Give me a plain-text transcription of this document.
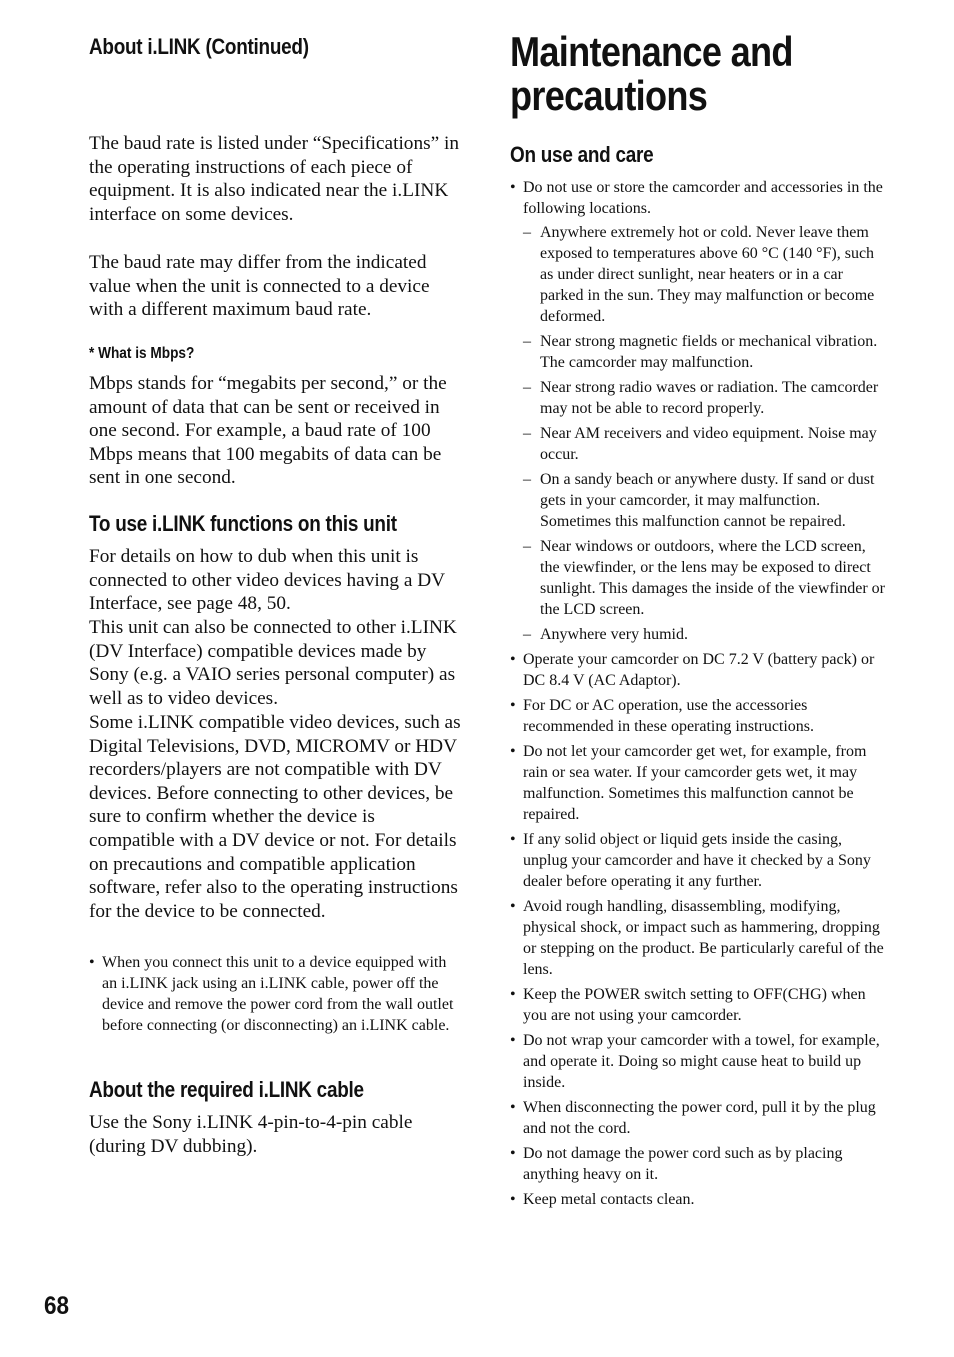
About i.LINK (Continued)

The baud rate is listed under “Specifications” in the operating instructions of each piece of equipment. It is also indicated near the i.LINK interface on some devices.

The baud rate may differ from the indicated value when the unit is connected to a device with a different maximum baud rate.

* What is Mbps?

Mbps stands for “megabits per second,” or the amount of data that can be sent or received in one second. For example, a baud rate of 100 Mbps means that 100 megabits of data can be sent in one second.

To use i.LINK functions on this unit

For details on how to dub when this unit is connected to other video devices having a DV Interface, see page 48, 50.

This unit can also be connected to other i.LINK (DV Interface) compatible devices made by Sony (e.g. a VAIO series personal computer) as well as to video devices.

Some i.LINK compatible video devices, such as Digital Televisions, DVD, MICROMV or HDV recorders/players are not compatible with DV devices. Before connecting to other devices, be sure to confirm whether the device is compatible with a DV device or not. For details on precautions and compatible application software, refer also to the operating instructions for the device to be connected.

• When you connect this unit to a device equipped with an i.LINK jack using an i.LINK cable, power off the device and remove the power cord from the wall outlet before connecting (or disconnecting) an i.LINK cable.
About the required i.LINK cable

Use the Sony i.LINK 4-pin-to-4-pin cable (during DV dubbing).

Maintenance and precautions
On use and care
• Do not use or store the camcorder and accessories in the following locations.
– Anywhere extremely hot or cold. Never leave them exposed to temperatures above 60 °C (140 °F), such as under direct sunlight, near heaters or in a car parked in the sun. They may malfunction or become deformed.
– Near strong magnetic fields or mechanical vibration. The camcorder may malfunction.
– Near strong radio waves or radiation. The camcorder may not be able to record properly.
– Near AM receivers and video equipment. Noise may occur.
– On a sandy beach or anywhere dusty. If sand or dust gets in your camcorder, it may malfunction. Sometimes this malfunction cannot be repaired.
– Near windows or outdoors, where the LCD screen, the viewfinder, or the lens may be exposed to direct sunlight. This damages the inside of the viewfinder or the LCD screen.
– Anywhere very humid.
• Operate your camcorder on DC 7.2 V (battery pack) or DC 8.4 V (AC Adaptor).
• For DC or AC operation, use the accessories recommended in these operating instructions.
• Do not let your camcorder get wet, for example, from rain or sea water. If your camcorder gets wet, it may malfunction. Sometimes this malfunction cannot be repaired.
• If any solid object or liquid gets inside the casing, unplug your camcorder and have it checked by a Sony dealer before operating it any further.
• Avoid rough handling, disassembling, modifying, physical shock, or impact such as hammering, dropping or stepping on the product. Be particularly careful of the lens.
• Keep the POWER switch setting to OFF(CHG) when you are not using your camcorder.
• Do not wrap your camcorder with a towel, for example, and operate it. Doing so might cause heat to build up inside.
• When disconnecting the power cord, pull it by the plug and not the cord.
• Do not damage the power cord such as by placing anything heavy on it.
• Keep metal contacts clean.
68
